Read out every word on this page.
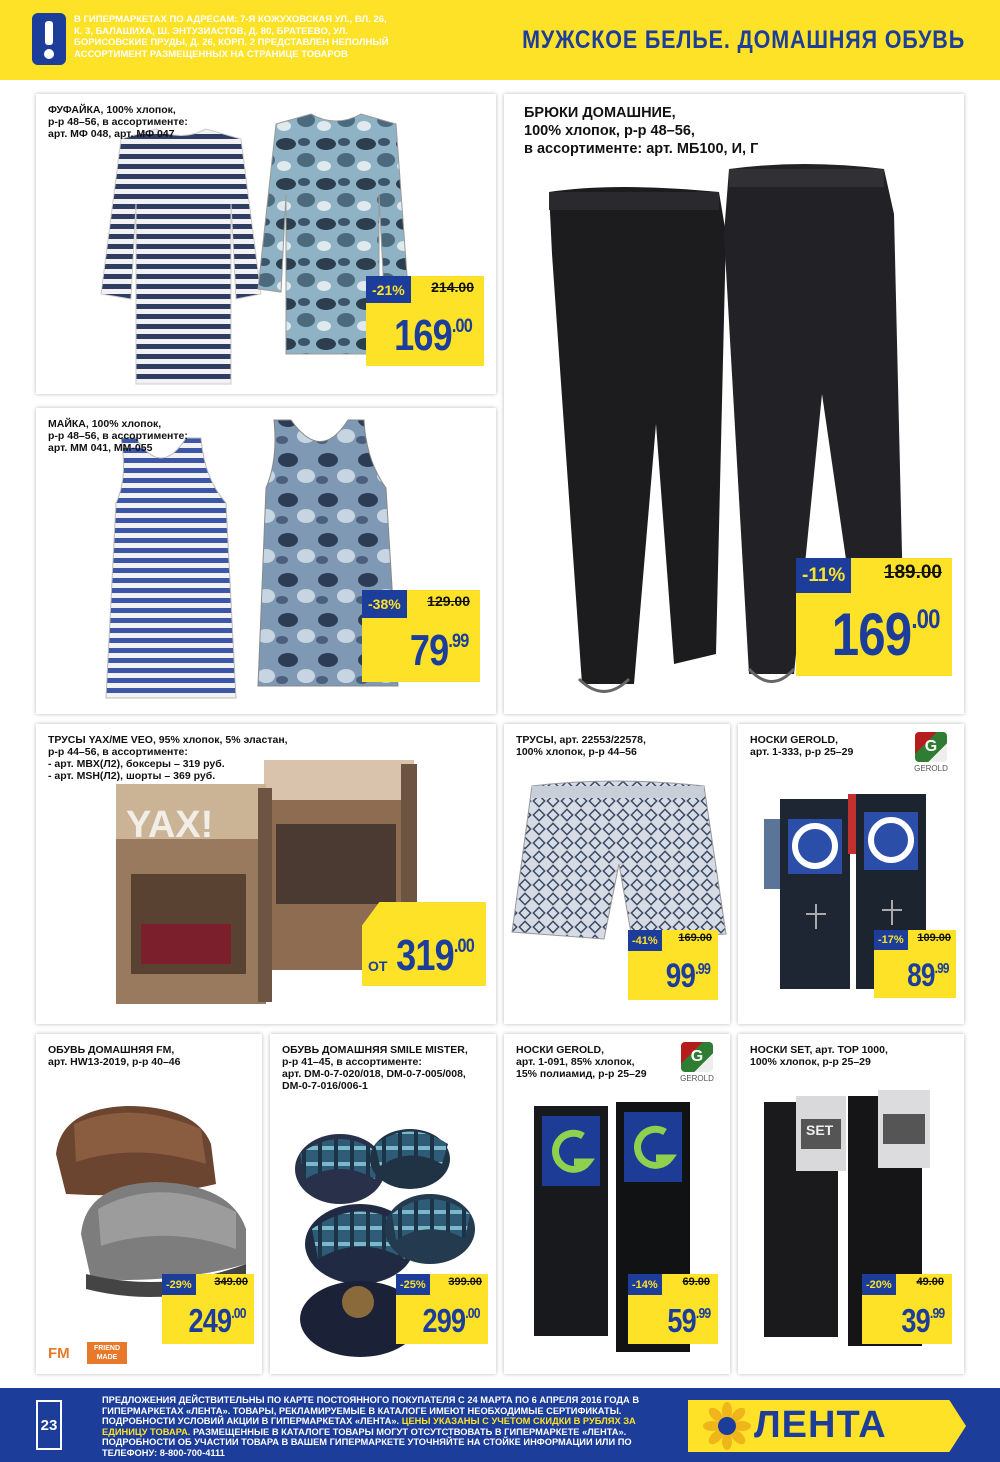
В ГИПЕРМАРКЕТАХ ПО АДРЕСАМ: 7-Я КОЖУХОВСКАЯ УЛ., ВЛ. 26, К. 3, БАЛАШИХА, Ш. ЭНТУЗИАСТОВ, Д. 80, БРАТЕЕВО, УЛ. БОРИСОВСКИЕ ПРУДЫ, Д. 26, КОРП. 2 ПРЕДСТАВЛЕН НЕПОЛНЫЙ АССОРТИМЕНТ РАЗМЕЩЕННЫХ НА СТРАНИЦЕ ТОВАРОВ	МУЖСКОЕ БЕЛЬЕ. ДОМАШНЯЯ ОБУВЬ
ФУФАЙКА, 100% хлопок,
р-р 48–56, в ассортименте:
арт. МФ 048, арт. МФ 047
-21%	214.00
$169^{.00}$
МАЙКА, 100% хлопок,
р-р 48–56, в ассортименте:
арт. ММ 041, ММ-055
-38%	129.00
$79^{.99}$
БРЮКИ ДОМАШНИЕ,
100% хлопок, р-р 48–56,
в ассортименте: арт. МБ100, И, Г
-11%	189.00
$169^{.00}$
ТРУСЫ YAX/ME VEO, 95% хлопок, 5% эластан,
р-р 44–56, в ассортименте:
- арт. MBX(Л2), боксеры – 319 руб.
- арт. MSH(Л2), шорты – 369 руб.
YAX!
ОТ $319^{.00}$
ТРУСЫ, арт. 22553/22578,
100% хлопок, р-р 44–56
-41%	169.00
$99^{.99}$
НОСКИ GEROLD,
арт. 1-333, р-р 25–29	G
GEROLD
-17%	109.00
$89^{.99}$
ОБУВЬ ДОМАШНЯЯ FM,
арт. HW13-2019, р-р 40–46
FM	FRIEND MADE
-29%	349.00
$249^{.00}$
ОБУВЬ ДОМАШНЯЯ SMILE MISTER,
р-р 41–45, в ассортименте:
арт. DM-0-7-020/018, DM-0-7-005/008,
DM-0-7-016/006-1
-25%	399.00
$299^{.00}$
НОСКИ GEROLD,
арт. 1-091, 85% хлопок,
15% полиамид, р-р 25–29
G
GEROLD
-14%	69.00
$59^{.99}$
НОСКИ SET, арт. TOP 1000,
100% хлопок, р-р 25–29
SET
-20%	49.00
$39^{.99}$
23
ПРЕДЛОЖЕНИЯ ДЕЙСТВИТЕЛЬНЫ ПО КАРТЕ ПОСТОЯННОГО ПОКУПАТЕЛЯ С 24 МАРТА ПО 6 АПРЕЛЯ 2016 ГОДА В ГИПЕРМАРКЕТАХ «ЛЕНТА». ТОВАРЫ, РЕКЛАМИРУЕМЫЕ В КАТАЛОГЕ ИМЕЮТ НЕОБХОДИМЫЕ СЕРТИФИКАТЫ. ПОДРОБНОСТИ УСЛОВИЙ АКЦИИ В ГИПЕРМАРКЕТАХ «ЛЕНТА». ЦЕНЫ УКАЗАНЫ С УЧЕТОМ СКИДКИ В РУБЛЯХ ЗА ЕДИНИЦУ ТОВАРА. РАЗМЕЩЕННЫЕ В КАТАЛОГЕ ТОВАРЫ МОГУТ ОТСУТСТВОВАТЬ В ГИПЕРМАРКЕТЕ «ЛЕНТА». ПОДРОБНОСТИ ОБ УЧАСТИИ ТОВАРА В ВАШЕМ ГИПЕРМАРКЕТЕ УТОЧНЯЙТЕ НА СТОЙКЕ ИНФОРМАЦИИ ИЛИ ПО ТЕЛЕФОНУ: 8-800-700-4111
ЛЕНТА
